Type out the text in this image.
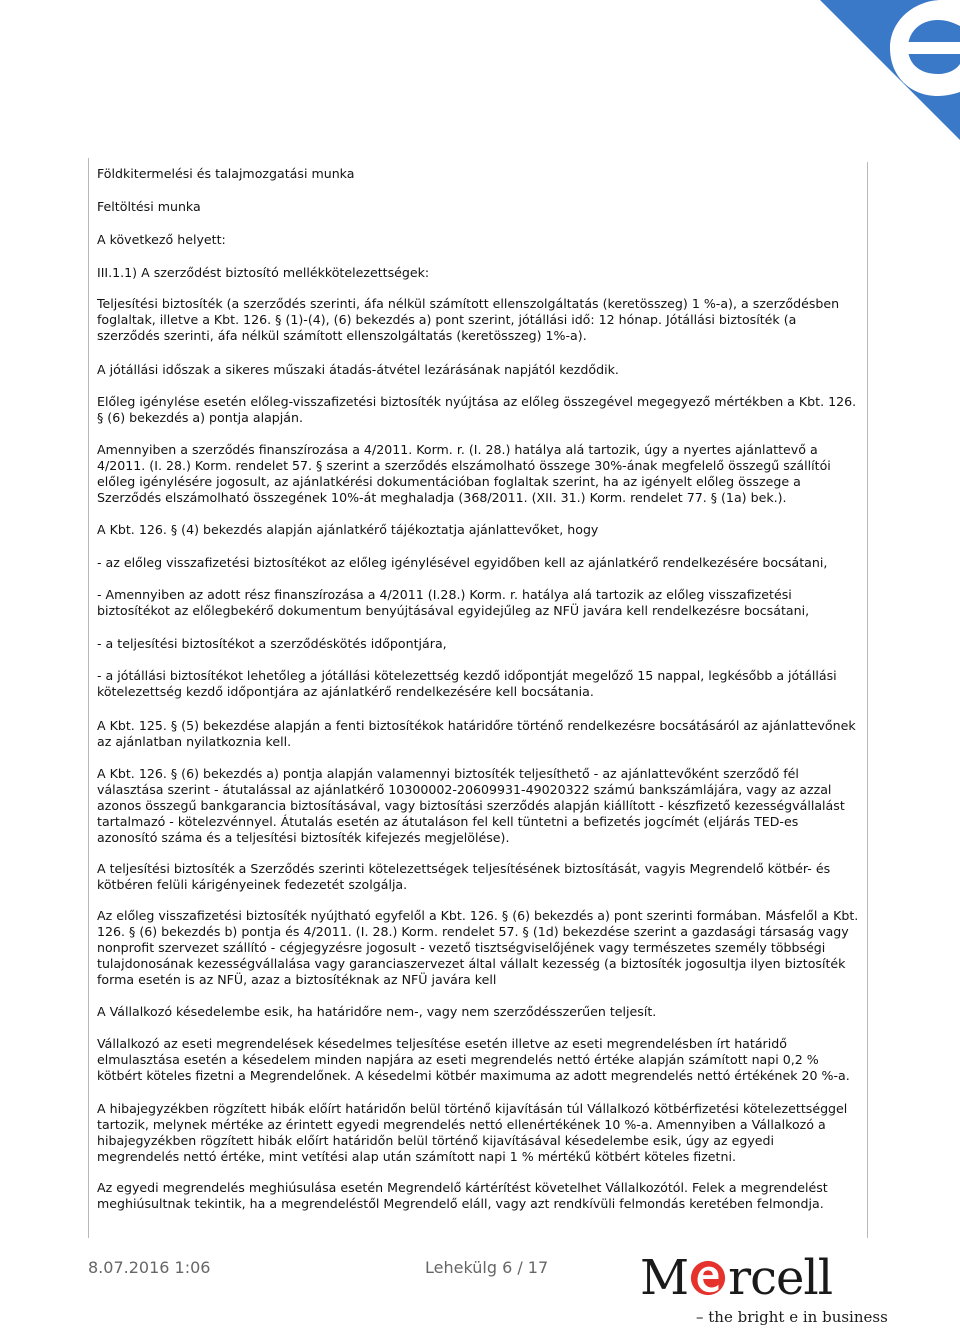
Földkitermelési és talajmozgatási munka

Feltöltési munka

A következő helyett:

III.1.1) A szerződést biztosító mellékkötelezettségek:

Teljesítési biztosíték (a szerződés szerinti, áfa nélkül számított ellenszolgáltatás (keretösszeg) 1 %-a), a szerződésben foglaltak, illetve a Kbt. 126. § (1)-(4), (6) bekezdés a) pont szerint, jótállási idő: 12 hónap. Jótállási biztosíték (a szerződés szerinti, áfa nélkül számított ellenszolgáltatás (keretösszeg) 1%-a).

A jótállási időszak a sikeres műszaki átadás-átvétel lezárásának napjától kezdődik.

Előleg igénylése esetén előleg-visszafizetési biztosíték nyújtása az előleg összegével megegyező mértékben a Kbt. 126. § (6) bekezdés a) pontja alapján.

Amennyiben a szerződés finanszírozása a 4/2011. Korm. r. (I. 28.) hatálya alá tartozik, úgy a nyertes ajánlattevő a 4/2011. (I. 28.) Korm. rendelet 57. § szerint a szerződés elszámolható összege 30%-ának megfelelő összegű szállítói előleg igénylésére jogosult, az ajánlatkérési dokumentációban foglaltak szerint, ha az igényelt előleg összege a Szerződés elszámolható összegének 10%-át meghaladja (368/2011. (XII. 31.) Korm. rendelet 77. § (1a) bek.).

A Kbt. 126. § (4) bekezdés alapján ajánlatkérő tájékoztatja ajánlattevőket, hogy

- az előleg visszafizetési biztosítékot az előleg igénylésével egyidőben kell az ajánlatkérő rendelkezésére bocsátani,

- Amennyiben az adott rész finanszírozása a 4/2011 (I.28.) Korm. r. hatálya alá tartozik az előleg visszafizetési biztosítékot az előlegbekérő dokumentum benyújtásával egyidejűleg az NFÜ javára kell rendelkezésre bocsátani,

- a teljesítési biztosítékot a szerződéskötés időpontjára,

- a jótállási biztosítékot lehetőleg a jótállási kötelezettség kezdő időpontját megelőző 15 nappal, legkésőbb a jótállási kötelezettség kezdő időpontjára az ajánlatkérő rendelkezésére kell bocsátania.

A Kbt. 125. § (5) bekezdése alapján a fenti biztosítékok határidőre történő rendelkezésre bocsátásáról az ajánlattevőnek az ajánlatban nyilatkoznia kell.

A Kbt. 126. § (6) bekezdés a) pontja alapján valamennyi biztosíték teljesíthető - az ajánlattevőként szerződő fél választása szerint - átutalással az ajánlatkérő 10300002-20609931-49020322 számú bankszámlájára, vagy az azzal azonos összegű bankgarancia biztosításával, vagy biztosítási szerződés alapján kiállított - készfizető kezességvállalást tartalmazó - kötelezvénnyel. Átutalás esetén az átutaláson fel kell tüntetni a befizetés jogcímét (eljárás TED-es azonosító száma és a teljesítési biztosíték kifejezés megjelölése).

A teljesítési biztosíték a Szerződés szerinti kötelezettségek teljesítésének biztosítását, vagyis Megrendelő kötbér- és kötbéren felüli kárigényeinek fedezetét szolgálja.

Az előleg visszafizetési biztosíték nyújtható egyfelől a Kbt. 126. § (6) bekezdés a) pont szerinti formában. Másfelől a Kbt. 126. § (6) bekezdés b) pontja és 4/2011. (I. 28.) Korm. rendelet 57. § (1d) bekezdése szerint a gazdasági társaság vagy nonprofit szervezet szállító - cégjegyzésre jogosult - vezető tisztségviselőjének vagy természetes személy többségi tulajdonosának kezességvállalása vagy garanciaszervezet által vállalt kezesség (a biztosíték jogosultja ilyen biztosíték forma esetén is az NFÜ, azaz a biztosítéknak az NFÜ javára kell

A Vállalkozó késedelembe esik, ha határidőre nem-, vagy nem szerződésszerűen teljesít.

Vállalkozó az eseti megrendelések késedelmes teljesítése esetén illetve az eseti megrendelésben írt határidő elmulasztása esetén a késedelem minden napjára az eseti megrendelés nettó értéke alapján számított napi 0,2 % kötbért köteles fizetni a Megrendelőnek. A késedelmi kötbér maximuma az adott megrendelés nettó értékének 20 %-a.

A hibajegyzékben rögzített hibák előírt határidőn belül történő kijavításán túl Vállalkozó kötbérfizetési kötelezettséggel tartozik, melynek mértéke az érintett egyedi megrendelés nettó ellenértékének 10 %-a. Amennyiben a Vállalkozó a hibajegyzékben rögzített hibák előírt határidőn belül történő kijavításával késedelembe esik, úgy az egyedi megrendelés nettó értéke, mint vetítési alap után számított napi 1 % mértékű kötbért köteles fizetni.

Az egyedi megrendelés meghiúsulása esetén Megrendelő kártérítést követelhet Vállalkozótól. Felek a megrendelést meghiúsultnak tekintik, ha a megrendeléstől Megrendelő eláll, vagy azt rendkívüli felmondás keretében felmondja.

8.07.2016 1:06	Lehekülg 6 / 17 M rcell
– the bright e in business
